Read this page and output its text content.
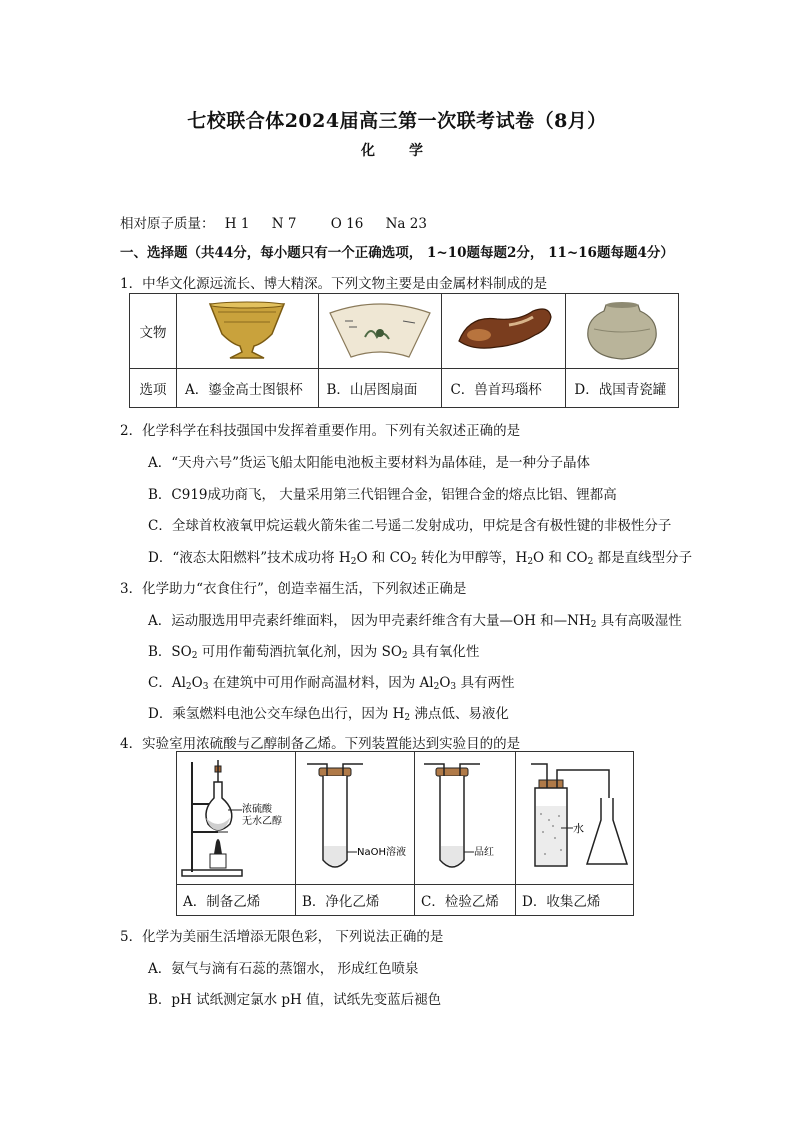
七校联合体2024届高三第一次联考试卷（8月）
化　学
相对原子质量： H 1 N 7	O 16 Na 23
一、选择题（共44分，每小题只有一个正确选项， 1~10题每题2分， 11~16题每题4分）
1．中华文化源远流长、博大精深。下列文物主要是由金属材料制成的是
文物	

选项	A．鎏金高士图银杯	B．山居图扇面	C．兽首玛瑙杯	D．战国青瓷罐
2．化学科学在科技强国中发挥着重要作用。下列有关叙述正确的是
A．“天舟六号”货运飞船太阳能电池板主要材料为晶体硅，是一种分子晶体
B．C919成功商飞， 大量采用第三代铝锂合金，铝锂合金的熔点比铝、锂都高
C．全球首枚液氧甲烷运载火箭朱雀二号遥二发射成功，甲烷是含有极性键的非极性分子
D．“液态太阳燃料”技术成功将 $H_2O$ 和 $CO_2$ 转化为甲醇等，$H_2O$ 和 $CO_2$ 都是直线型分子
3．化学助力“衣食住行”，创造幸福生活，下列叙述正确是
A．运动服选用甲壳素纤维面料， 因为甲壳素纤维含有大量—OH 和$—NH_2$ 具有高吸湿性
B．$SO_2$ 可用作葡萄酒抗氧化剂，因为 $SO_2$ 具有氧化性
C．$Al_2O_3$ 在建筑中可用作耐高温材料，因为 $Al_2O_3$ 具有两性
D．乘氢燃料电池公交车绿色出行，因为 $H_2$ 沸点低、易液化
4．实验室用浓硫酸与乙醇制备乙烯。下列装置能达到实验目的的是
浓硫酸
无水乙醇	NaOH溶液	品红	水

A．制备乙烯	B．净化乙烯	C．检验乙烯	D．收集乙烯
5．化学为美丽生活增添无限色彩， 下列说法正确的是
A．氨气与滴有石蕊的蒸馏水， 形成红色喷泉
B．pH 试纸测定氯水 pH 值，试纸先变蓝后褪色
